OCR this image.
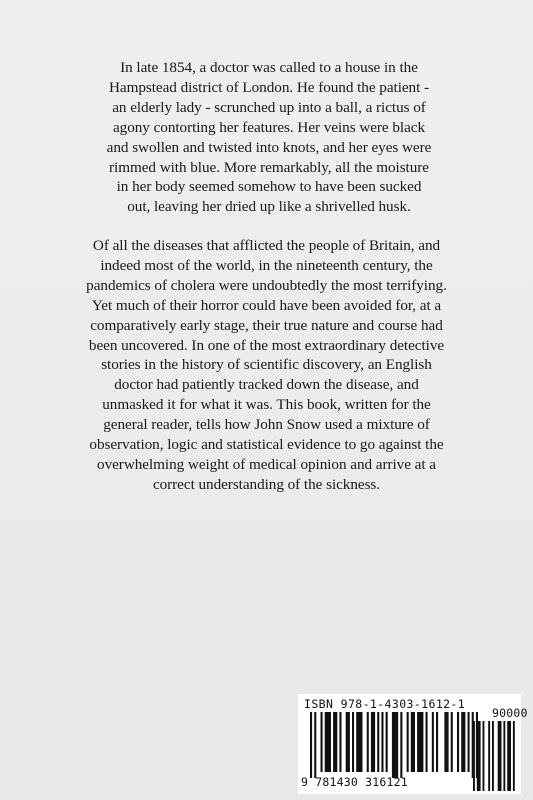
In late 1854, a doctor was called to a house in the
Hampstead district of London. He found the patient -
an elderly lady - scrunched up into a ball, a rictus of
agony contorting her features. Her veins were black
and swollen and twisted into knots, and her eyes were
rimmed with blue. More remarkably, all the moisture
in her body seemed somehow to have been sucked
out, leaving her dried up like a shrivelled husk.

Of all the diseases that afflicted the people of Britain, and
indeed most of the world, in the nineteenth century, the
pandemics of cholera were undoubtedly the most terrifying.
Yet much of their horror could have been avoided for, at a
comparatively early stage, their true nature and course had
been uncovered. In one of the most extraordinary detective
stories in the history of scientific discovery, an English
doctor had patiently tracked down the disease, and
unmasked it for what it was. This book, written for the
general reader, tells how John Snow used a mixture of
observation, logic and statistical evidence to go against the
overwhelming weight of medical opinion and arrive at a
correct understanding of the sickness.

ISBN 978-1-4303-1612-1
90000
9 781430 316121
